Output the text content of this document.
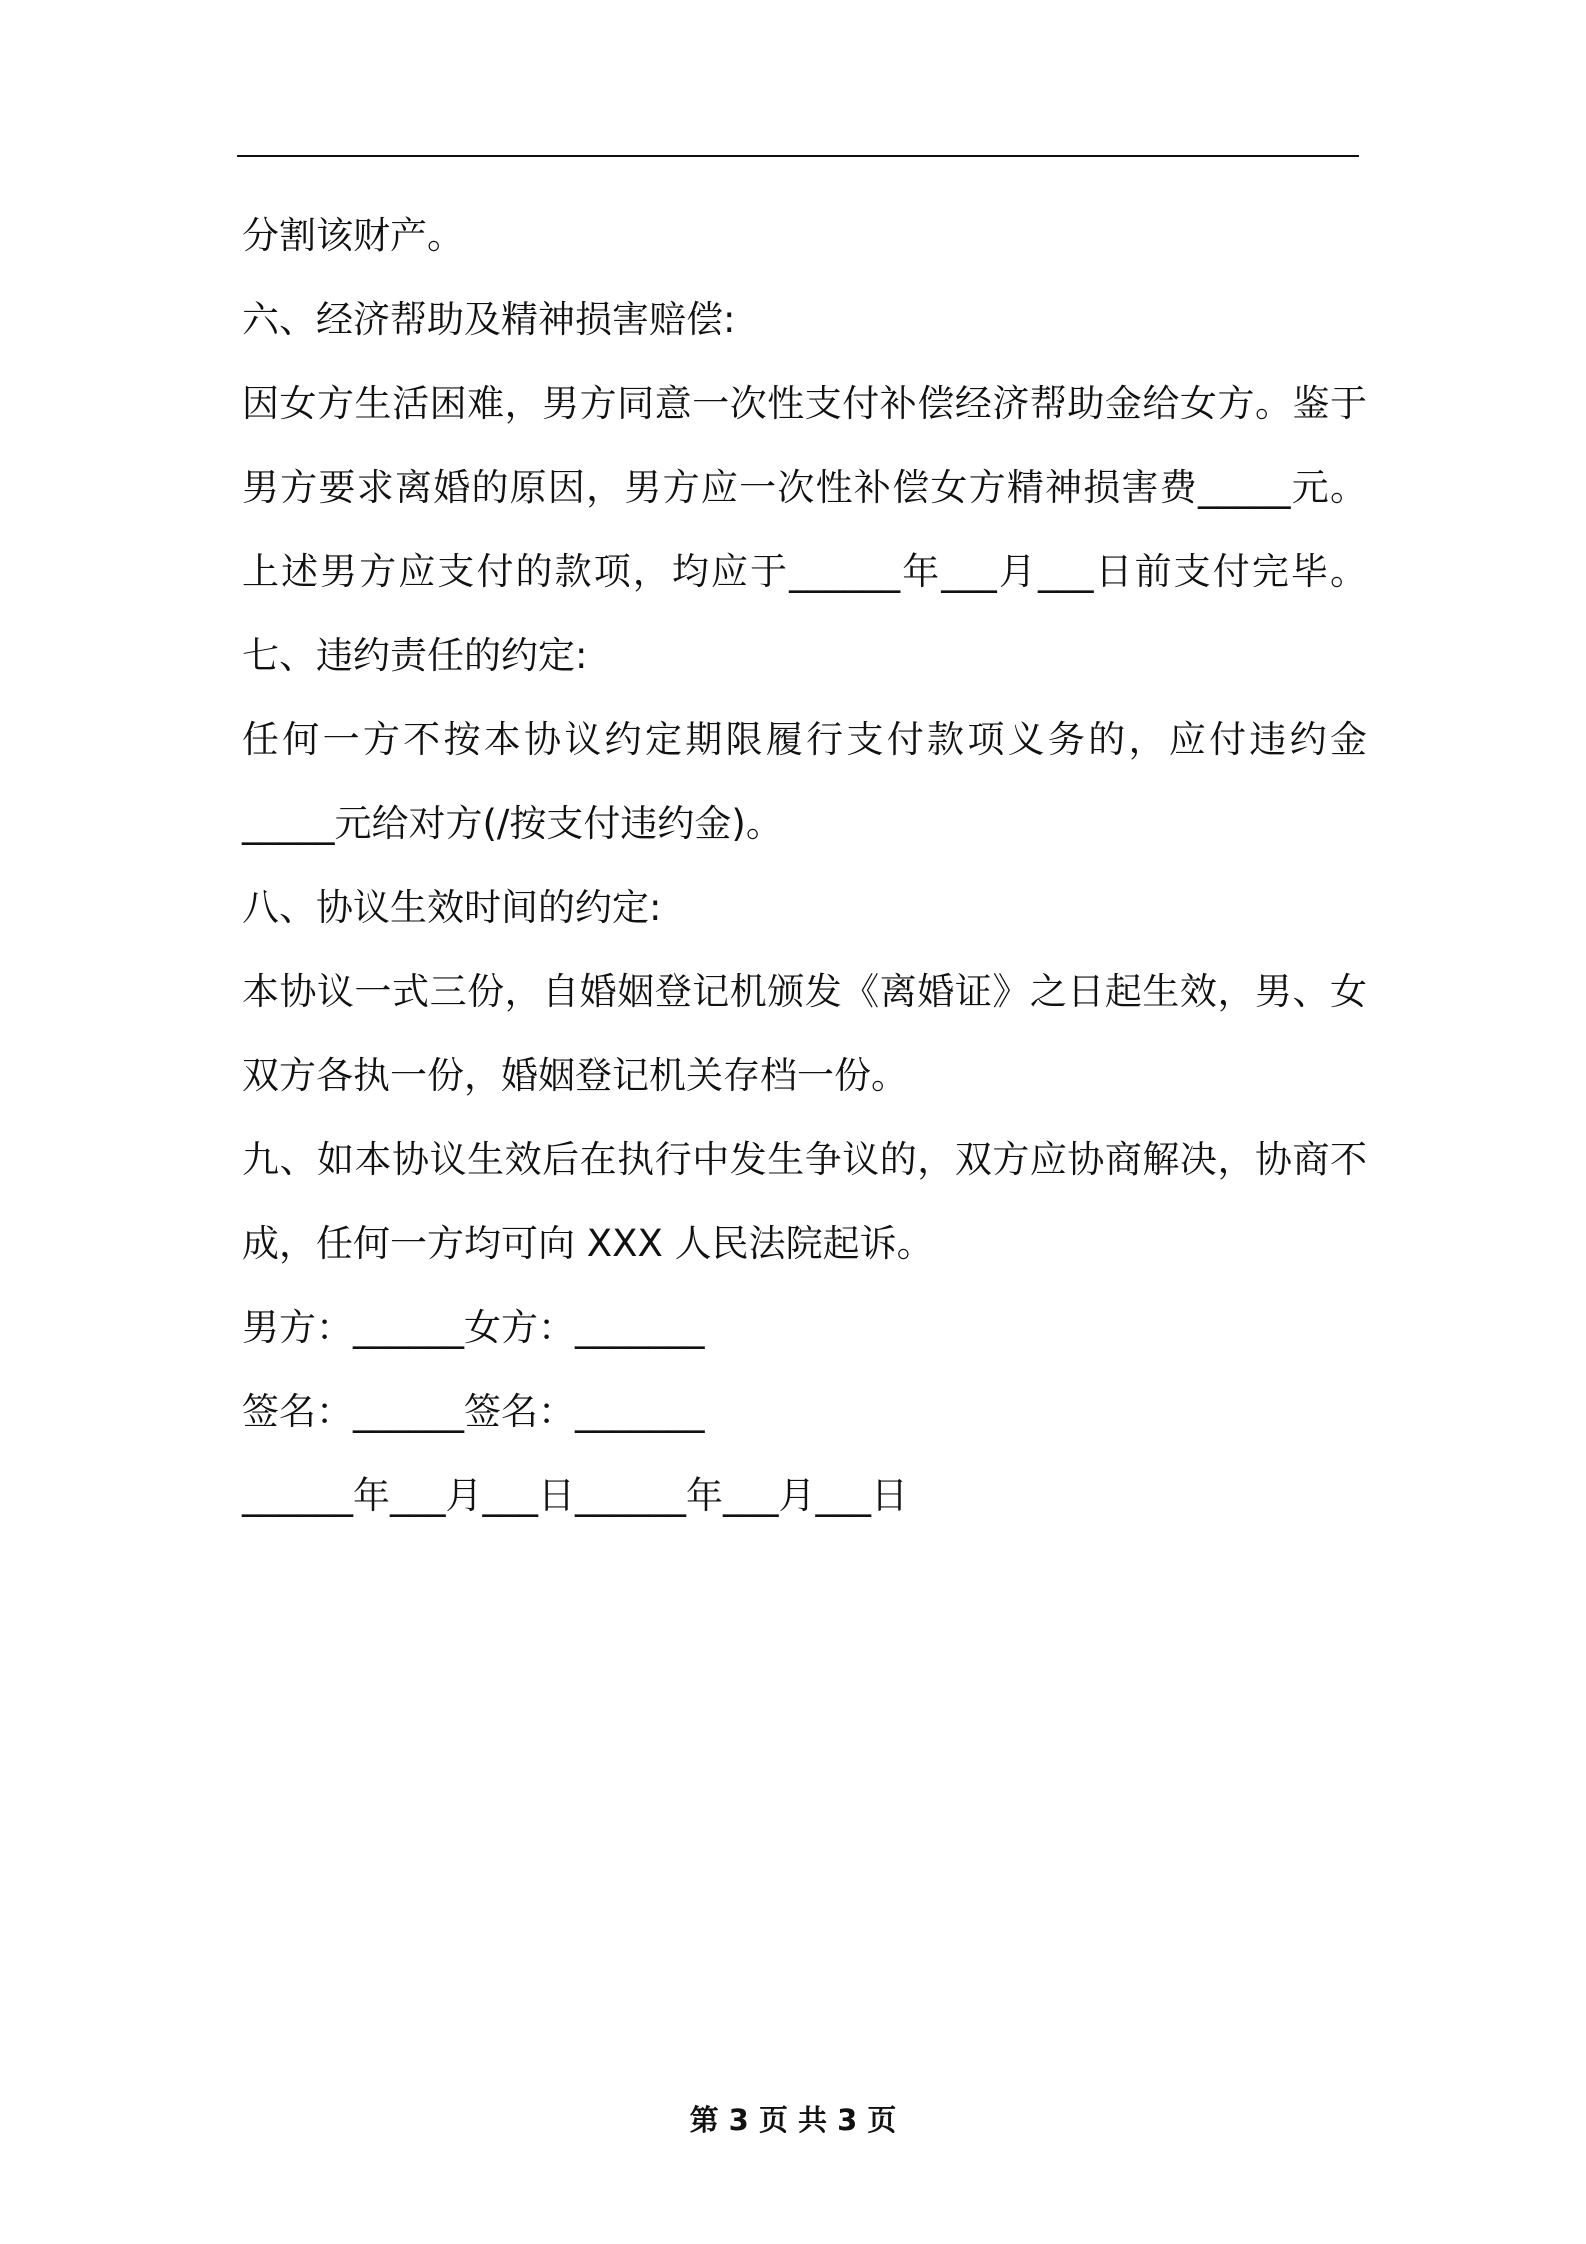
分割该财产。
六、经济帮助及精神损害赔偿:
因女方生活困难，男方同意一次性支付补偿经济帮助金给女方。鉴于
男方要求离婚的原因，男方应一次性补偿女方精神损害费_____元。
上述男方应支付的款项，均应于______年___月___日前支付完毕。
七、违约责任的约定:
任何一方不按本协议约定期限履行支付款项义务的，应付违约金
_____元给对方(/按支付违约金)。
八、协议生效时间的约定:
本协议一式三份，自婚姻登记机颁发《离婚证》之日起生效，男、女
双方各执一份，婚姻登记机关存档一份。
九、如本协议生效后在执行中发生争议的，双方应协商解决，协商不
成，任何一方均可向 XXX 人民法院起诉。
男方：______女方：_______
签名：______签名：_______
______年___月___日______年___月___日
第 3 页 共 3 页
